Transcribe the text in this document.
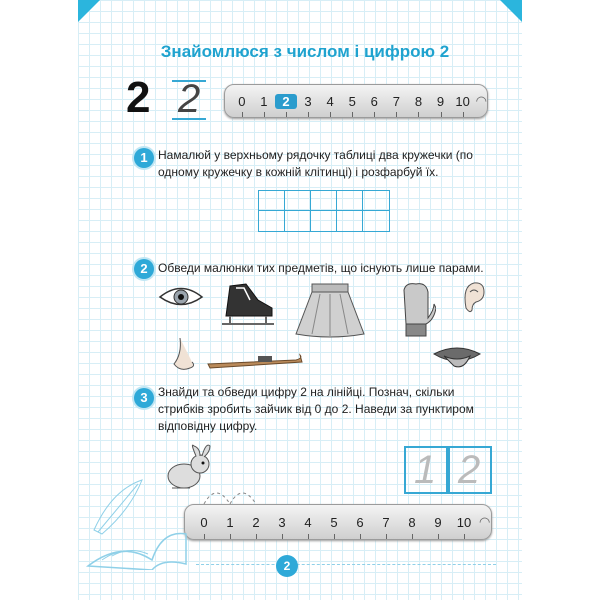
Знайомлюся з числом і цифрою 2
2 2	0	1	2	3	4	5	6	7	8	9 10 ◠
1 Намалюй у верхньому рядочку таблиці два кружечки (по одному кружечку в кожній клітинці) і розфарбуй їх.
2 Обведи малюнки тих предметів, що існують лише парами.
3 Знайди та обведи цифру 2 на лінійці. Познач, скільки стрибків зробить зайчик від 0 до 2. Наведи за пунктиром відповідну цифру.
1 2
0	1	2	3	4	5	6	7	8	9	10 ◠
2
